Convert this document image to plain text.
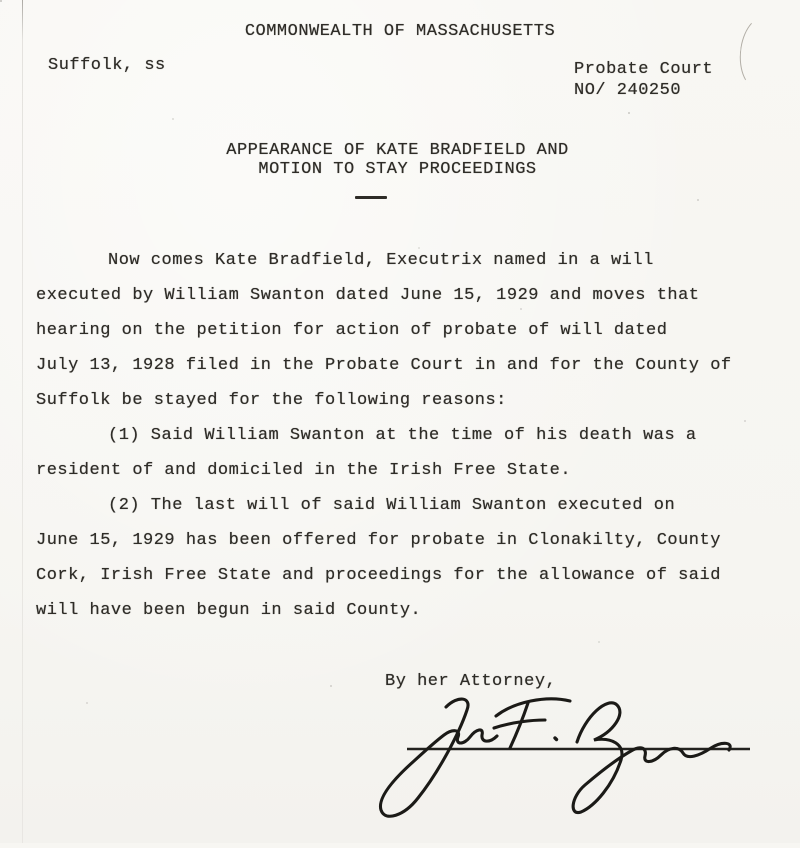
COMMONWEALTH OF MASSACHUSETTS
Suffolk, ss	Probate Court
NO/ 240250
APPEARANCE OF KATE BRADFIELD AND
MOTION TO STAY PROCEEDINGS
Now comes Kate Bradfield, Executrix named in a will
executed by William Swanton dated June 15, 1929 and moves that
hearing on the petition for action of probate of will dated
July 13, 1928 filed in the Probate Court in and for the County of
Suffolk be stayed for the following reasons:
(1) Said William Swanton at the time of his death was a
resident of and domiciled in the Irish Free State.
(2) The last will of said William Swanton executed on
June 15, 1929 has been offered for probate in Clonakilty, County
Cork, Irish Free State and proceedings for the allowance of said
will have been begun in said County.
By her Attorney,
